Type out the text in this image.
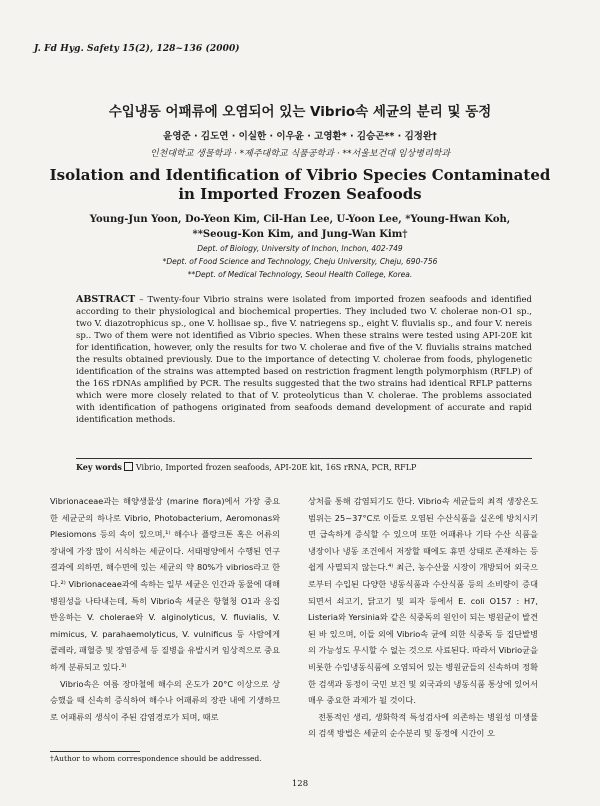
J. Fd Hyg. Safety 15(2), 128~136 (2000)
수입냉동 어패류에 오염되어 있는 Vibrio속 세균의 분리 및 동정
윤영준 · 김도연 · 이실한 · 이우윤 · 고영환* · 김승곤** · 김정완†
인천대학교 생물학과 · *제주대학교 식품공학과 · **서울보건대 임상병리학과
Isolation and Identification of Vibrio Species Contaminated
in Imported Frozen Seafoods
Young-Jun Yoon, Do-Yeon Kim, Cil-Han Lee, U-Yoon Lee, *Young-Hwan Koh,
**Seoug-Kon Kim, and Jung-Wan Kim†
Dept. of Biology, University of Inchon, Inchon, 402-749
*Dept. of Food Science and Technology, Cheju University, Cheju, 690-756
**Dept. of Medical Technology, Seoul Health College, Korea.
ABSTRACT – Twenty-four Vibrio strains were isolated from imported frozen seafoods and identified according to their physiological and biochemical properties. They included two V. cholerae non-O1 sp., two V. diazotrophicus sp., one V. hollisae sp., five V. natriegens sp., eight V. fluvialis sp., and four V. nereis sp.. Two of them were not identified as Vibrio species. When these strains were tested using API-20E kit for identification, however, only the results for two V. cholerae and five of the V. fluvialis strains matched the results obtained previously. Due to the importance of detecting V. cholerae from foods, phylogenetic identification of the strains was attempted based on restriction fragment length polymorphism (RFLP) of the 16S rDNAs amplified by PCR. The results suggested that the two strains had identical RFLP patterns which were more closely related to that of V. proteolyticus than V. cholerae. The problems associated with identification of pathogens originated from seafoods demand development of accurate and rapid identification methods.
Key words Vibrio, Imported frozen seafoods, API-20E kit, 16S rRNA, PCR, RFLP

Vibrionaceae과는 해양생물상 (marine flora)에서 가장 중요한 세균군의 하나로 Vibrio, Photobacterium, Aeromonas와 Plesiomons 등의 속이 있으며,¹⁾ 해수나 플랑크톤 혹은 어류의 장내에 가장 많이 서식하는 세균이다. 서태평양에서 수행된 연구결과에 의하면, 해수면에 있는 세균의 약 80%가 vibrios라고 한다.²⁾ Vibrionaceae과에 속하는 일부 세균은 인간과 동물에 대해 병원성을 나타내는데, 특히 Vibrio속 세균은 항혈청 O1과 응집 반응하는 V. cholerae와 V. alginolyticus, V. fluvialis, V. mimicus, V. parahaemolyticus, V. vulnificus 등 사람에게 콜레라, 패혈증 및 장염증세 등 질병을 유발시켜 임상적으로 중요하게 분류되고 있다.³⁾

Vibrio속은 여름 장마철에 해수의 온도가 20°C 이상으로 상승했을 때 신속히 증식하여 해수나 어패류의 장관 내에 기생하므로 어패류의 생식이 주된 감염경로가 되며, 때로

상처를 통해 감염되기도 한다. Vibrio속 세균들의 최적 생장온도 범위는 25~37°C로 이들로 오염된 수산식품을 실온에 방치시키면 급속하게 증식할 수 있으며 또한 어패류나 기타 수산 식품을 냉장이나 냉동 조건에서 저장할 때에도 휴면 상태로 존재하는 등 쉽게 사멸되지 않는다.⁴⁾ 최근, 농수산물 시장이 개방되어 외국으로부터 수입된 다양한 냉동식품과 수산식품 등의 소비량이 증대되면서 쇠고기, 닭고기 및 피자 등에서 E. coli O157 : H7, Listeria와 Yersinia와 같은 식중독의 원인이 되는 병원균이 발견된 바 있으며, 이들 외에 Vibrio속 균에 의한 식중독 등 집단발병의 가능성도 무시할 수 없는 것으로 사료된다. 따라서 Vibrio균을 비롯한 수입냉동식품에 오염되어 있는 병원균들의 신속하며 정확한 검색과 동정이 국민 보건 및 외국과의 냉동식품 통상에 있어서 매우 중요한 과제가 될 것이다.

전통적인 생리, 생화학적 특성검사에 의존하는 병원성 미생물의 검색 방법은 세균의 순수분리 및 동정에 시간이 오

†Author to whom correspondence should be addressed.
128
